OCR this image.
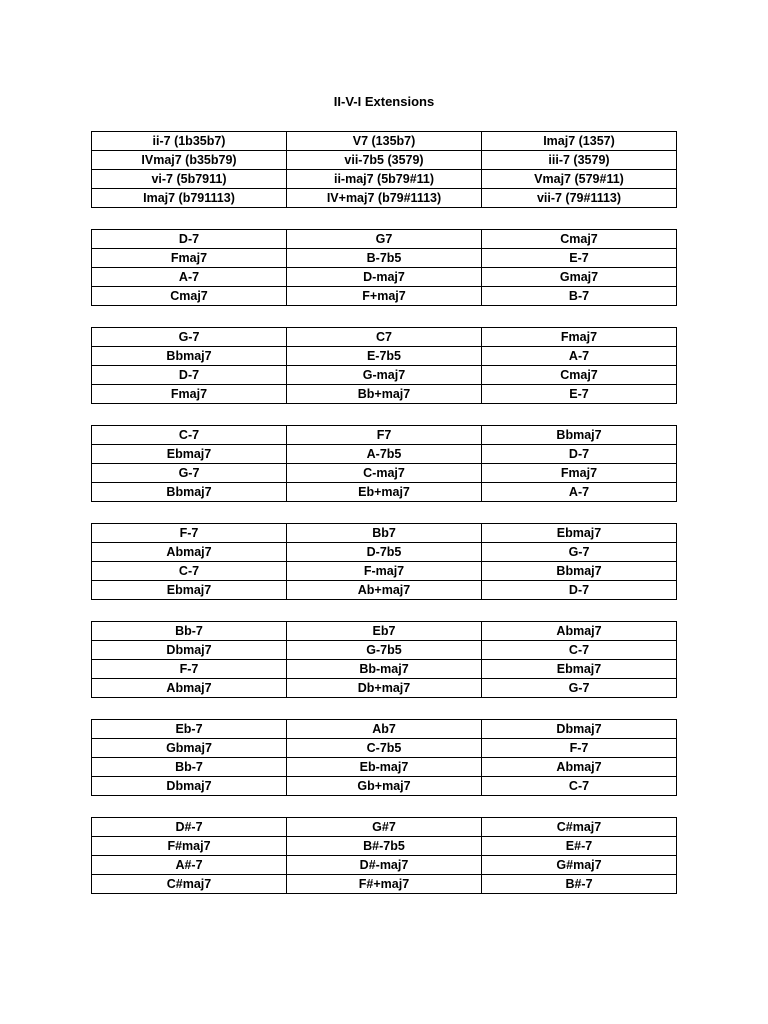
II-V-I Extensions
ii-7 (1b35b7)	V7 (135b7)	Imaj7 (1357)
IVmaj7 (b35b79)	vii-7b5 (3579)	iii-7 (3579)
vi-7 (5b7911)	ii-maj7 (5b79#11)	Vmaj7 (579#11)
Imaj7 (b791113)	IV+maj7 (b79#1113)	vii-7 (79#1113)
D-7	G7	Cmaj7
Fmaj7	B-7b5	E-7
A-7	D-maj7	Gmaj7
Cmaj7	F+maj7	B-7
G-7	C7	Fmaj7
Bbmaj7	E-7b5	A-7
D-7	G-maj7	Cmaj7
Fmaj7	Bb+maj7	E-7
C-7	F7	Bbmaj7
Ebmaj7	A-7b5	D-7
G-7	C-maj7	Fmaj7
Bbmaj7	Eb+maj7	A-7
F-7	Bb7	Ebmaj7
Abmaj7	D-7b5	G-7
C-7	F-maj7	Bbmaj7
Ebmaj7	Ab+maj7	D-7
Bb-7	Eb7	Abmaj7
Dbmaj7	G-7b5	C-7
F-7	Bb-maj7	Ebmaj7
Abmaj7	Db+maj7	G-7
Eb-7	Ab7	Dbmaj7
Gbmaj7	C-7b5	F-7
Bb-7	Eb-maj7	Abmaj7
Dbmaj7	Gb+maj7	C-7
D#-7	G#7	C#maj7
F#maj7	B#-7b5	E#-7
A#-7	D#-maj7	G#maj7
C#maj7	F#+maj7	B#-7
